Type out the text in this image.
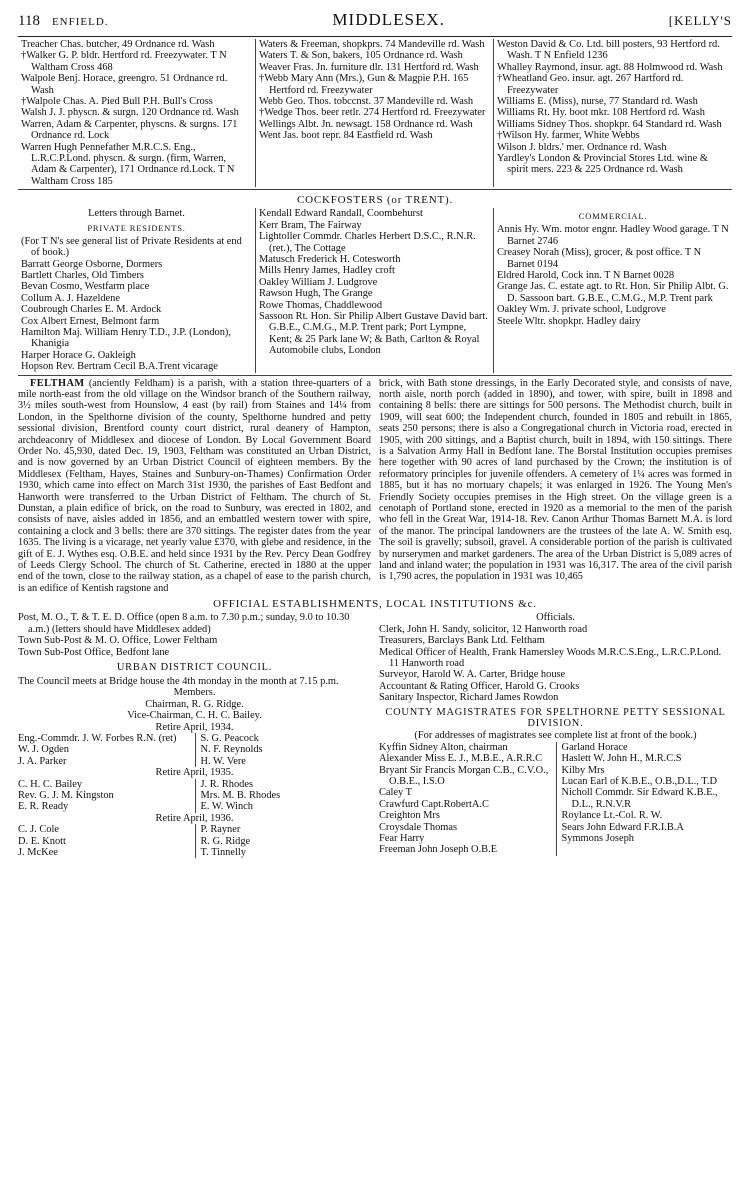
118 ENFIELD.	MIDDLESEX.	[KELLY'S
Treacher Chas. butcher, 49 Ordnance rd. Wash
†Walker G. P. bldr. Hertford rd. Freezywater. T N Waltham Cross 468
Walpole Benj. Horace, greengro. 51 Ordnance rd. Wash
†Walpole Chas. A. Pied Bull P.H. Bull's Cross
Walsh J. J. physcn. & surgn. 120 Ordnance rd. Wash
Warren, Adam & Carpenter, physcns. & surgns. 171 Ordnance rd. Lock
Warren Hugh Pennefather M.R.C.S. Eng., L.R.C.P.Lond. physcn. & surgn. (firm, Warren, Adam & Carpenter), 171 Ordnance rd.Lock. T N Waltham Cross 185
Waters & Freeman, shopkprs. 74 Mandeville rd. Wash
Waters T. & Son, bakers, 105 Ordnance rd. Wash
Weaver Fras. Jn. furniture dlr. 131 Hertford rd. Wash
†Webb Mary Ann (Mrs.), Gun & Magpie P.H. 165 Hertford rd. Freezywater
Webb Geo. Thos. tobccnst. 37 Mandeville rd. Wash
†Wedge Thos. beer retlr. 274 Hertford rd. Freezywater
Wellings Albt. Jn. newsagt. 158 Ordnance rd. Wash
Went Jas. boot repr. 84 Eastfield rd. Wash
Weston David & Co. Ltd. bill posters, 93 Hertford rd. Wash. T N Enfield 1236
Whalley Raymond, insur. agt. 88 Holmwood rd. Wash
†Wheatland Geo. insur. agt. 267 Hartford rd. Freezywater
Williams E. (Miss), nurse, 77 Standard rd. Wash
Williams Rt. Hy. boot mkr. 108 Hertford rd. Wash
Williams Sidney Thos. shopkpr. 64 Standard rd. Wash
†Wilson Hy. farmer, White Webbs
Wilson J. bldrs.' mer. Ordnance rd. Wash
Yardley's London & Provincial Stores Ltd. wine & spirit mers. 223 & 225 Ordnance rd. Wash
COCKFOSTERS (or TRENT).
Letters through Barnet.
PRIVATE RESIDENTS.
(For T N's see general list of Private Residents at end of book.)
Barratt George Osborne, Dormers
Bartlett Charles, Old Timbers
Bevan Cosmo, Westfarm place
Collum A. J. Hazeldene
Coubrough Charles E. M. Ardock
Cox Albert Ernest, Belmont farm
Hamilton Maj. William Henry T.D., J.P. (London), Khanigia
Harper Horace G. Oakleigh
Hopson Rev. Bertram Cecil B.A.Trent vicarage
Kendall Edward Randall, Coombehurst
Kerr Bram, The Fairway
Lightoller Commdr. Charles Herbert D.S.C., R.N.R. (ret.), The Cottage
Matusch Frederick H. Cotesworth
Mills Henry James, Hadley croft
Oakley William J. Ludgrove
Rawson Hugh, The Grange
Rowe Thomas, Chaddlewood
Sassoon Rt. Hon. Sir Philip Albert Gustave David bart. G.B.E., C.M.G., M.P. Trent park; Port Lympne, Kent; & 25 Park lane W; & Bath, Carlton & Royal Automobile clubs, London
COMMERCIAL.
Annis Hy. Wm. motor engnr. Hadley Wood garage. T N Barnet 2746
Creasey Norah (Miss), grocer, & post office. T N Barnet 0194
Eldred Harold, Cock inn. T N Barnet 0028
Grange Jas. C. estate agt. to Rt. Hon. Sir Philip Albt. G. D. Sassoon bart. G.B.E., C.M.G., M.P. Trent park
Oakley Wm. J. private school, Ludgrove
Steele Wltr. shopkpr. Hadley dairy

FELTHAM (anciently Feldham) is a parish, with a station three-quarters of a mile north-east from the old village on the Windsor branch of the Southern railway, 3½ miles south-west from Hounslow, 4 east (by rail) from Staines and 14¼ from London, in the Spelthorne division of the county, Spelthorne hundred and petty sessional division, Brentford county court district, rural deanery of Hampton, archdeaconry of Middlesex and diocese of London. By Local Government Board Order No. 45,930, dated Dec. 19, 1903, Feltham was constituted an Urban District, and is now governed by an Urban District Council of eighteen members. By the Middlesex (Feltham, Hayes, Staines and Sunbury-on-Thames) Confirmation Order 1930, which came into effect on March 31st 1930, the parishes of East Bedfont and Hanworth were transferred to the Urban District of Feltham. The church of St. Dunstan, a plain edifice of brick, on the road to Sunbury, was erected in 1802, and consists of nave, aisles added in 1856, and an embattled western tower with spire, containing a clock and 3 bells: there are 370 sittings. The register dates from the year 1635. The living is a vicarage, net yearly value £370, with glebe and residence, in the gift of E. J. Wythes esq. O.B.E. and held since 1931 by the Rev. Percy Dean Godfrey of Leeds Clergy School. The church of St. Catherine, erected in 1880 at the upper end of the town, close to the railway station, as a chapel of ease to the parish church, is an edifice of Kentish ragstone and

brick, with Bath stone dressings, in the Early Decorated style, and consists of nave, north aisle, north porch (added in 1890), and tower, with spire, built in 1898 and containing 8 bells: there are sittings for 500 persons. The Methodist church, built in 1909, will seat 600; the Independent church, founded in 1805 and rebuilt in 1865, seats 250 persons; there is also a Congregational church in Victoria road, erected in 1905, with 200 sittings, and a Baptist church, built in 1894, with 150 sittings. There is a Salvation Army Hall in Bedfont lane. The Borstal Institution occupies premises here together with 90 acres of land purchased by the Crown; the institution is of reformatory principles for juvenile offenders. A cemetery of 1¼ acres was formed in 1885, but it has no mortuary chapels; it was enlarged in 1926. The Young Men's Friendly Society occupies premises in the High street. On the village green is a cenotaph of Portland stone, erected in 1920 as a memorial to the men of the parish who fell in the Great War, 1914-18. Rev. Canon Arthur Thomas Barnett M.A. is lord of the manor. The principal landowners are the trustees of the late A. W. Smith esq. The soil is gravelly; subsoil, gravel. A considerable portion of the parish is cultivated by nurserymen and market gardeners. The area of the Urban District is 5,089 acres of land and inland water; the population in 1931 was 16,317. The area of the civil parish is 1,790 acres, the population in 1931 was 10,465

OFFICIAL ESTABLISHMENTS, LOCAL INSTITUTIONS &c.
Post, M. O., T. & T. E. D. Office (open 8 a.m. to 7.30 p.m.; sunday, 9.0 to 10.30 a.m.) (letters should have Middlesex added)
Town Sub-Post & M. O. Office, Lower Feltham
Town Sub-Post Office, Bedfont lane
URBAN DISTRICT COUNCIL.
The Council meets at Bridge house the 4th monday in the month at 7.15 p.m.
Members.
Chairman, R. G. Ridge.
Vice-Chairman, C. H. C. Bailey.
Retire April, 1934.
Eng.-Commdr. J. W. Forbes R.N. (ret)
W. J. Ogden
J. A. Parker
S. G. Peacock
N. F. Reynolds
H. W. Vere
Retire April, 1935.
C. H. C. Bailey
Rev. G. J. M. Kingston
E. R. Ready
J. R. Rhodes
Mrs. M. B. Rhodes
E. W. Winch
Retire April, 1936.
C. J. Cole
D. E. Knott
J. McKee
P. Rayner
R. G. Ridge
T. Tinnelly
Officials.
Clerk, John H. Sandy, solicitor, 12 Hanworth road
Treasurers, Barclays Bank Ltd. Feltham
Medical Officer of Health, Frank Hamersley Woods M.R.C.S.Eng., L.R.C.P.Lond. 11 Hanworth road
Surveyor, Harold W. A. Carter, Bridge house
Accountant & Rating Officer, Harold G. Crooks
Sanitary Inspector, Richard James Rowdon
COUNTY MAGISTRATES FOR SPELTHORNE PETTY SESSIONAL DIVISION.
(For addresses of magistrates see complete list at front of the book.)
Kyffin Sidney Alton, chairman
Alexander Miss E. J., M.B.E., A.R.R.C
Bryant Sir Francis Morgan C.B., C.V.O., O.B.E., I.S.O
Caley T
Crawfurd Capt.RobertA.C
Creighton Mrs
Croysdale Thomas
Fear Harry
Freeman John Joseph O.B.E
Garland Horace
Haslett W. John H., M.R.C.S
Kilby Mrs
Lucan Earl of K.B.E., O.B.,D.L., T.D
Nicholl Commdr. Sir Edward K.B.E., D.L., R.N.V.R
Roylance Lt.-Col. R. W.
Sears John Edward F.R.I.B.A
Symmons Joseph
